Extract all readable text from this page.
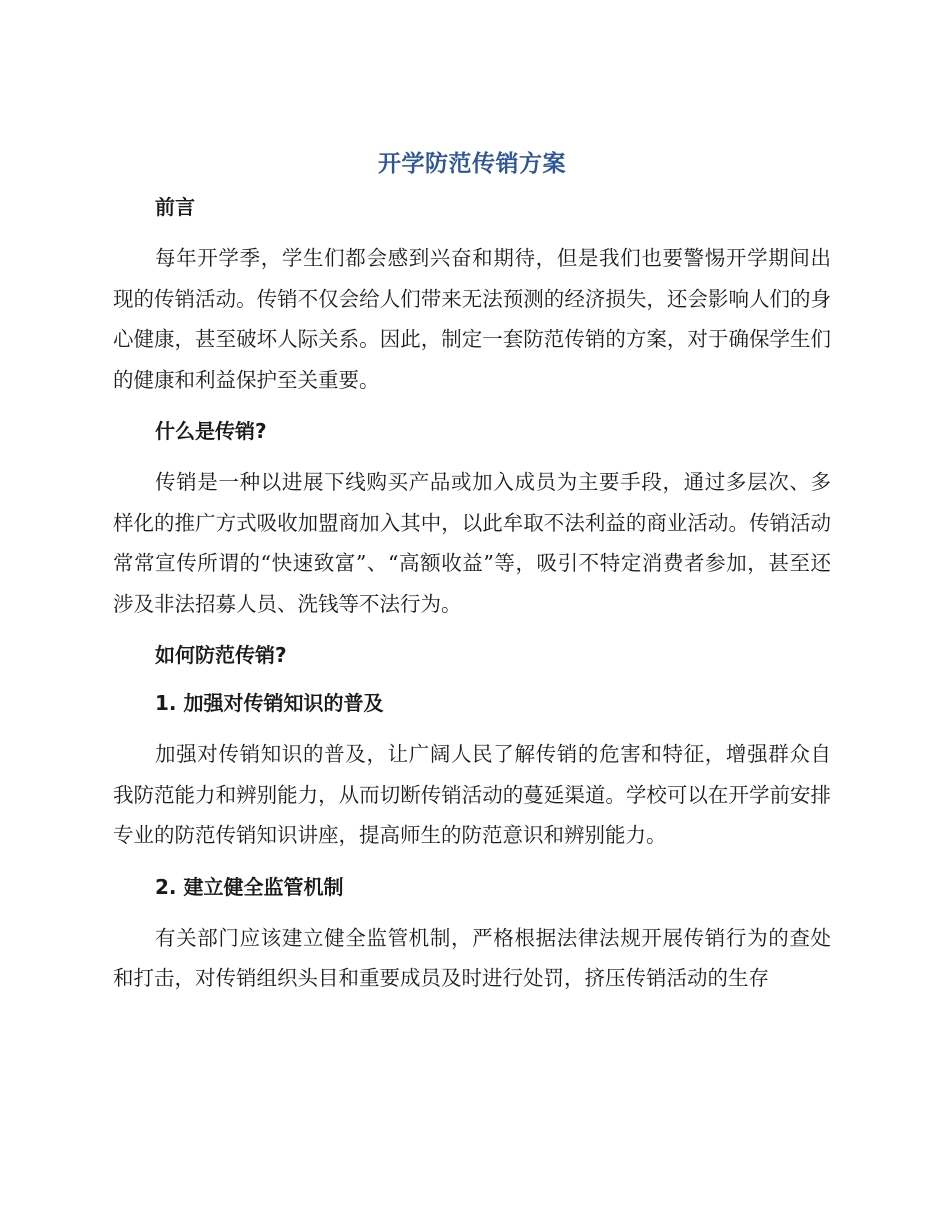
开学防范传销方案
前言

每年开学季，学生们都会感到兴奋和期待，但是我们也要警惕开学期间出现的传销活动。传销不仅会给人们带来无法预测的经济损失，还会影响人们的身心健康，甚至破坏人际关系。因此，制定一套防范传销的方案，对于确保学生们的健康和利益保护至关重要。

什么是传销?

传销是一种以进展下线购买产品或加入成员为主要手段，通过多层次、多样化的推广方式吸收加盟商加入其中，以此牟取不法利益的商业活动。传销活动常常宣传所谓的“快速致富”、“高额收益”等，吸引不特定消费者参加，甚至还涉及非法招募人员、洗钱等不法行为。

如何防范传销?
1. 加强对传销知识的普及

加强对传销知识的普及，让广阔人民了解传销的危害和特征，增强群众自我防范能力和辨别能力，从而切断传销活动的蔓延渠道。学校可以在开学前安排专业的防范传销知识讲座，提高师生的防范意识和辨别能力。

2. 建立健全监管机制

有关部门应该建立健全监管机制，严格根据法律法规开展传销行为的查处和打击，对传销组织头目和重要成员及时进行处罚，挤压传销活动的生存
